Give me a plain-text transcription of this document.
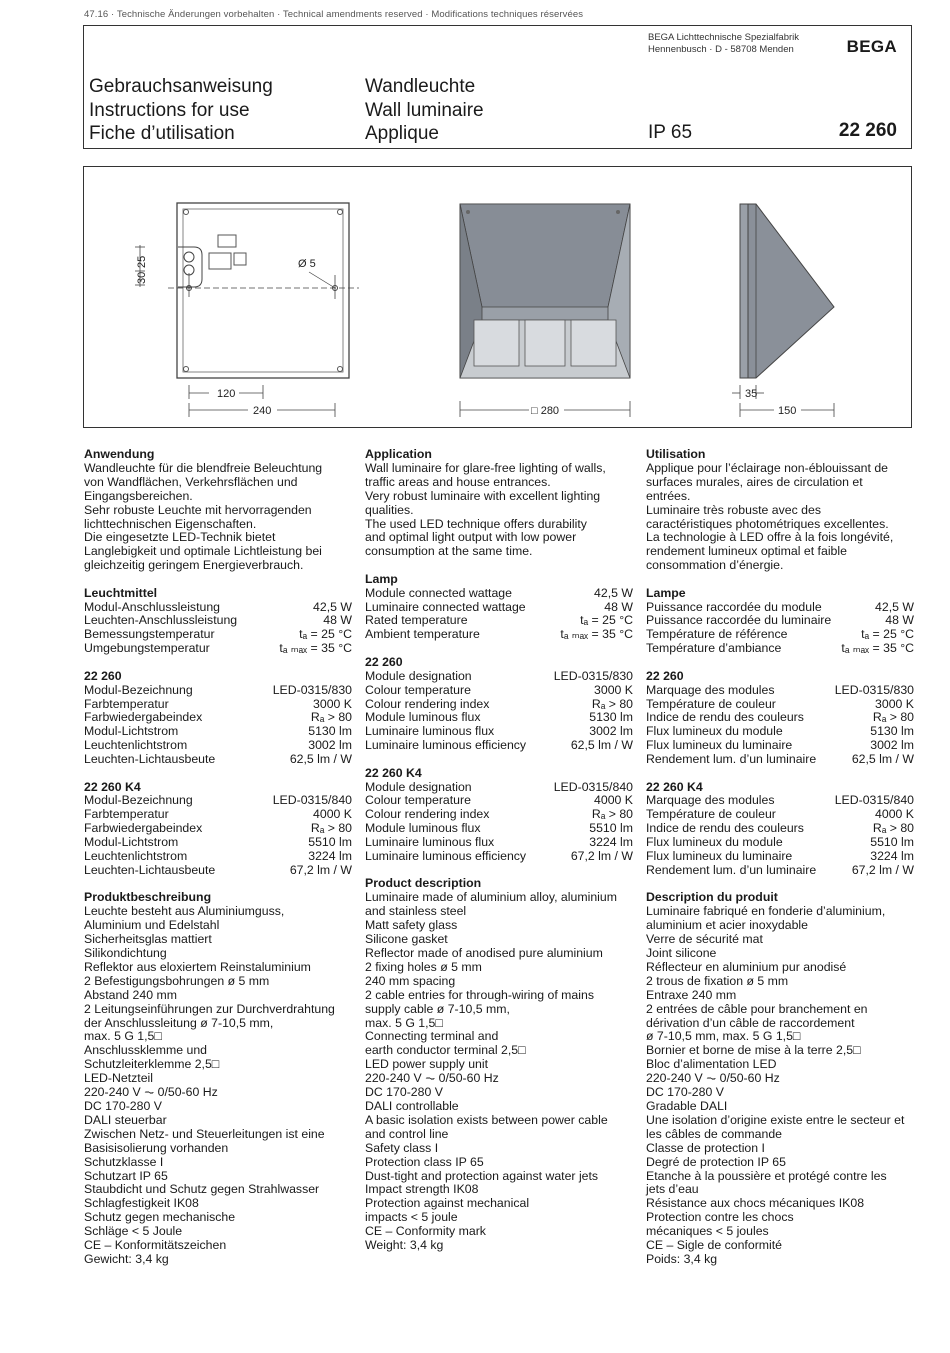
47.16 · Technische Änderungen vorbehalten · Technical amendments reserved · Modifications techniques réservées
BEGA Lichttechnische Spezialfabrik
Hennenbusch · D - 58708 Menden	BEGA
Gebrauchsanweisung
Instructions for use
Fiche d’utilisation
Wandleuchte
Wall luminaire
Applique	IP 65	22 260
Ø 5
30
25
120
240	□ 280
35
150
Anwendung
Wandleuchte für die blendfreie Beleuchtung
von Wandflächen, Verkehrsflächen und
Eingangsbereichen.
Sehr robuste Leuchte mit hervorragenden
lichttechnischen Eigenschaften.
Die eingesetzte LED-Technik bietet
Langlebigkeit und optimale Lichtleistung bei
gleichzeitig geringem Energieverbrauch.
Leuchtmittel
Modul-Anschlussleistung	42,5 W
Leuchten-Anschlussleistung	48 W
Bemessungstemperatur	tₐ = 25 °C
Umgebungstemperatur	tₐ ₘₐₓ = 35 °C
22 260
Modul-Bezeichnung	LED-0315/830
Farbtemperatur	3000 K
Farbwiedergabeindex	Rₐ > 80
Modul-Lichtstrom	5130 lm
Leuchtenlichtstrom	3002 lm
Leuchten-Lichtausbeute	62,5 lm / W
22 260 K4
Modul-Bezeichnung	LED-0315/840
Farbtemperatur	4000 K
Farbwiedergabeindex	Rₐ > 80
Modul-Lichtstrom	5510 lm
Leuchtenlichtstrom	3224 lm
Leuchten-Lichtausbeute	67,2 lm / W
Produktbeschreibung
Leuchte besteht aus Aluminiumguss,
Aluminium und Edelstahl
Sicherheitsglas mattiert
Silikondichtung
Reflektor aus eloxiertem Reinstaluminium
2 Befestigungsbohrungen ø 5 mm
Abstand 240 mm
2 Leitungseinführungen zur Durchverdrahtung
der Anschlussleitung ø 7-10,5 mm,
max. 5 G 1,5□
Anschlussklemme und
Schutzleiterklemme 2,5□
LED-Netzteil
220-240 V ⏦ 0/50-60 Hz
DC 170-280 V
DALI steuerbar
Zwischen Netz- und Steuerleitungen ist eine
Basisisolierung vorhanden
Schutzklasse I
Schutzart IP 65
Staubdicht und Schutz gegen Strahlwasser
Schlagfestigkeit IK08
Schutz gegen mechanische
Schläge < 5 Joule
CE – Konformitätszeichen
Gewicht: 3,4 kg
Application
Wall luminaire for glare-free lighting of walls,
traffic areas and house entrances.
Very robust luminaire with excellent lighting
qualities.
The used LED technique offers durability
and optimal light output with low power
consumption at the same time.
Lamp
Module connected wattage	42,5 W
Luminaire connected wattage	48 W
Rated temperature	tₐ = 25 °C
Ambient temperature	tₐ ₘₐₓ = 35 °C
22 260
Module designation	LED-0315/830
Colour temperature	3000 K
Colour rendering index	Rₐ > 80
Module luminous flux	5130 lm
Luminaire luminous flux	3002 lm
Luminaire luminous efficiency	62,5 lm / W
22 260 K4
Module designation	LED-0315/840
Colour temperature	4000 K
Colour rendering index	Rₐ > 80
Module luminous flux	5510 lm
Luminaire luminous flux	3224 lm
Luminaire luminous efficiency	67,2 lm / W
Product description
Luminaire made of aluminium alloy, aluminium
and stainless steel
Matt safety glass
Silicone gasket
Reflector made of anodised pure aluminium
2 fixing holes ø 5 mm
240 mm spacing
2 cable entries for through-wiring of mains
supply cable ø 7-10,5 mm,
max. 5 G 1,5□
Connecting terminal and
earth conductor terminal 2,5□
LED power supply unit
220-240 V ⏦ 0/50-60 Hz
DC 170-280 V
DALI controllable
A basic isolation exists between power cable
and control line
Safety class I
Protection class IP 65
Dust-tight and protection against water jets
Impact strength IK08
Protection against mechanical
impacts < 5 joule
CE – Conformity mark
Weight: 3,4 kg
Utilisation
Applique pour l’éclairage non-éblouissant de
surfaces murales, aires de circulation et
entrées.
Luminaire très robuste avec des
caractéristiques photométriques excellentes.
La technologie à LED offre à la fois longévité,
rendement lumineux optimal et faible
consommation d’énergie.
Lampe
Puissance raccordée du module	42,5 W
Puissance raccordée du luminaire	48 W
Température de référence	tₐ = 25 °C
Température d’ambiance	tₐ ₘₐₓ = 35 °C
22 260
Marquage des modules	LED-0315/830
Température de couleur	3000 K
Indice de rendu des couleurs	Rₐ > 80
Flux lumineux du module	5130 lm
Flux lumineux du luminaire	3002 lm
Rendement lum. d’un luminaire	62,5 lm / W
22 260 K4
Marquage des modules	LED-0315/840
Température de couleur	4000 K
Indice de rendu des couleurs	Rₐ > 80
Flux lumineux du module	5510 lm
Flux lumineux du luminaire	3224 lm
Rendement lum. d’un luminaire	67,2 lm / W
Description du produit
Luminaire fabriqué en fonderie d’aluminium,
aluminium et acier inoxydable
Verre de sécurité mat
Joint silicone
Réflecteur en aluminium pur anodisé
2 trous de fixation ø 5 mm
Entraxe 240 mm
2 entrées de câble pour branchement en
dérivation d’un câble de raccordement
ø 7-10,5 mm, max. 5 G 1,5□
Bornier et borne de mise à la terre 2,5□
Bloc d’alimentation LED
220-240 V ⏦ 0/50-60 Hz
DC 170-280 V
Gradable DALI
Une isolation d’origine existe entre le secteur et
les câbles de commande
Classe de protection I
Degré de protection IP 65
Etanche à la poussière et protégé contre les
jets d’eau
Résistance aux chocs mécaniques IK08
Protection contre les chocs
mécaniques < 5 joules
CE – Sigle de conformité
Poids: 3,4 kg
